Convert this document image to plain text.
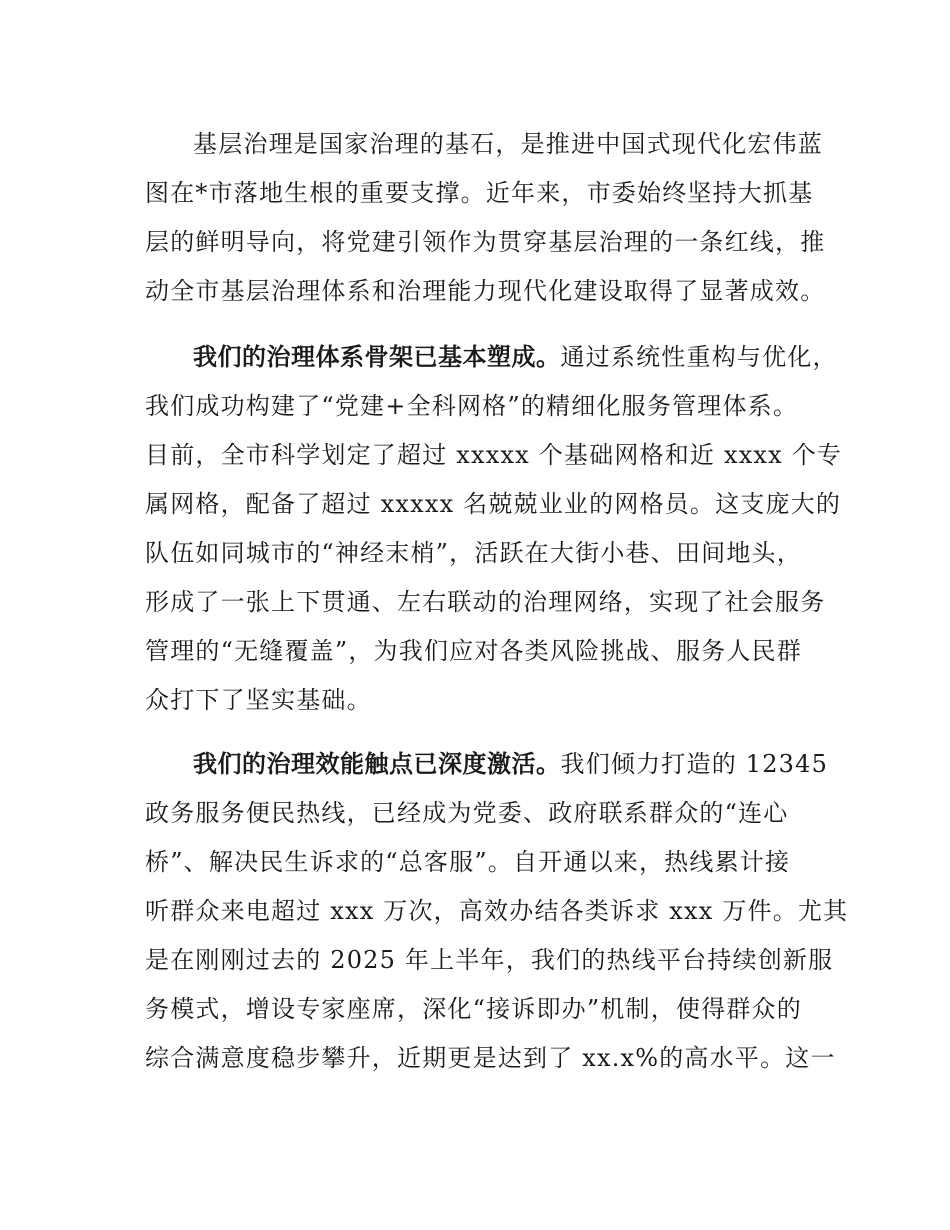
基层治理是国家治理的基石，是推进中国式现代化宏伟蓝
图在*市落地生根的重要支撑。近年来，市委始终坚持大抓基
层的鲜明导向，将党建引领作为贯穿基层治理的一条红线，推
动全市基层治理体系和治理能力现代化建设取得了显著成效。
我们的治理体系骨架已基本塑成。通过系统性重构与优化，
我们成功构建了“党建+全科网格”的精细化服务管理体系。
目前，全市科学划定了超过 xxxxx 个基础网格和近 xxxx 个专
属网格，配备了超过 xxxxx 名兢兢业业的网格员。这支庞大的
队伍如同城市的“神经末梢”，活跃在大街小巷、田间地头，
形成了一张上下贯通、左右联动的治理网络，实现了社会服务
管理的“无缝覆盖”，为我们应对各类风险挑战、服务人民群
众打下了坚实基础。
我们的治理效能触点已深度激活。我们倾力打造的 12345
政务服务便民热线，已经成为党委、政府联系群众的“连心
桥”、解决民生诉求的“总客服”。自开通以来，热线累计接
听群众来电超过 xxx 万次，高效办结各类诉求 xxx 万件。尤其
是在刚刚过去的 2025 年上半年，我们的热线平台持续创新服
务模式，增设专家座席，深化“接诉即办”机制，使得群众的
综合满意度稳步攀升，近期更是达到了 xx.x%的高水平。这一
